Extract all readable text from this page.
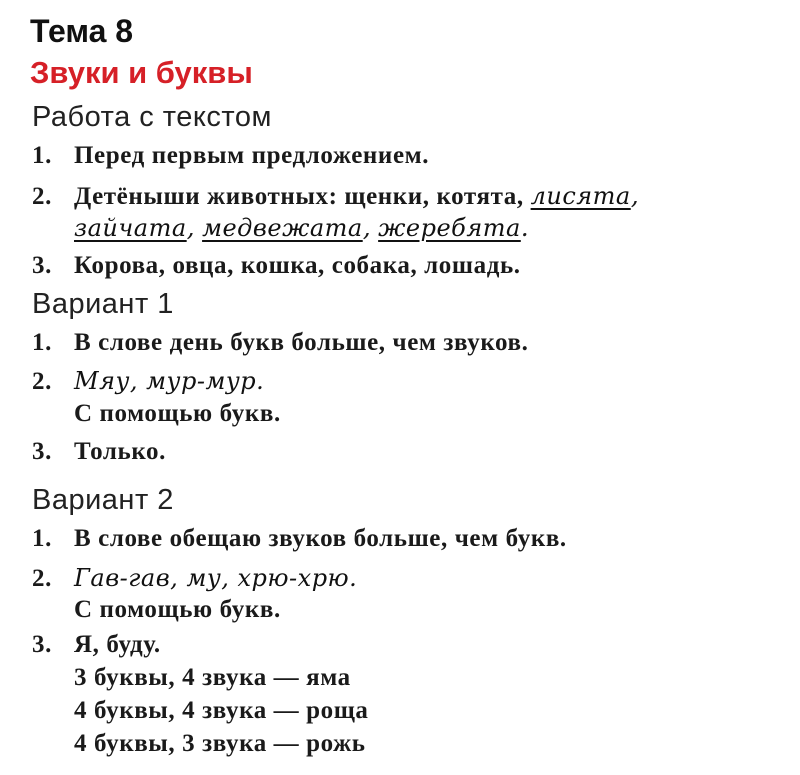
Тема 8
Звуки и буквы
Работа с текстом
1. Перед первым предложением.
2. Детёныши животных: щенки, котята, лисята,
зайчата, медвежата, жеребята.
3. Корова, овца, кошка, собака, лошадь.
Вариант 1
1. В слове день букв больше, чем звуков.
2. Мяу, мур-мур.
С помощью букв.
3. Только.
Вариант 2
1. В слове обещаю звуков больше, чем букв.
2. Гав-гав, му, хрю-хрю.
С помощью букв.
3. Я, буду.
3 буквы, 4 звука — яма
4 буквы, 4 звука — роща
4 буквы, 3 звука — рожь
